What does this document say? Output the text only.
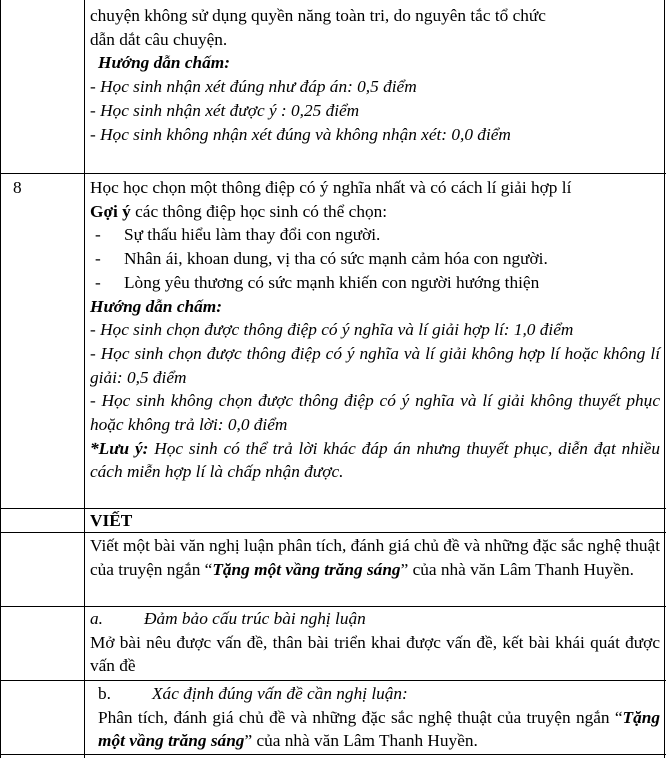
chuyện không sử dụng quyền năng toàn tri, do nguyên tắc tổ chức

dẫn dắt câu chuyện.

Hướng dẫn chấm:

- Học sinh nhận xét đúng như đáp án: 0,5 điểm

- Học sinh nhận xét được ý : 0,25 điểm

- Học sinh không nhận xét đúng và không nhận xét: 0,0 điểm

8	Học học chọn một thông điệp có ý nghĩa nhất và có cách lí giải hợp lí

Gợi ý các thông điệp học sinh có thể chọn:

- Sự thấu hiểu làm thay đổi con người.

- Nhân ái, khoan dung, vị tha có sức mạnh cảm hóa con người.

- Lòng yêu thương có sức mạnh khiến con người hướng thiện

Hướng dẫn chấm:

- Học sinh chọn được thông điệp có ý nghĩa và lí giải hợp lí: 1,0 điểm

- Học sinh chọn được thông điệp có ý nghĩa và lí giải không hợp lí hoặc không lí giải: 0,5 điểm

- Học sinh không chọn được thông điệp có ý nghĩa và lí giải không thuyết phục hoặc không trả lời: 0,0 điểm

*Lưu ý: Học sinh có thể trả lời khác đáp án nhưng thuyết phục, diễn đạt nhiều cách miễn hợp lí là chấp nhận được.

VIẾT

Viết một bài văn nghị luận phân tích, đánh giá chủ đề và những đặc sắc nghệ thuật của truyện ngắn “Tặng một vầng trăng sáng” của nhà văn Lâm Thanh Huyền.

a. Đảm bảo cấu trúc bài nghị luận

Mở bài nêu được vấn đề, thân bài triển khai được vấn đề, kết bài khái quát được vấn đề

b. Xác định đúng vấn đề cần nghị luận:

Phân tích, đánh giá chủ đề và những đặc sắc nghệ thuật của truyện ngắn “Tặng một vầng trăng sáng” của nhà văn Lâm Thanh Huyền.
